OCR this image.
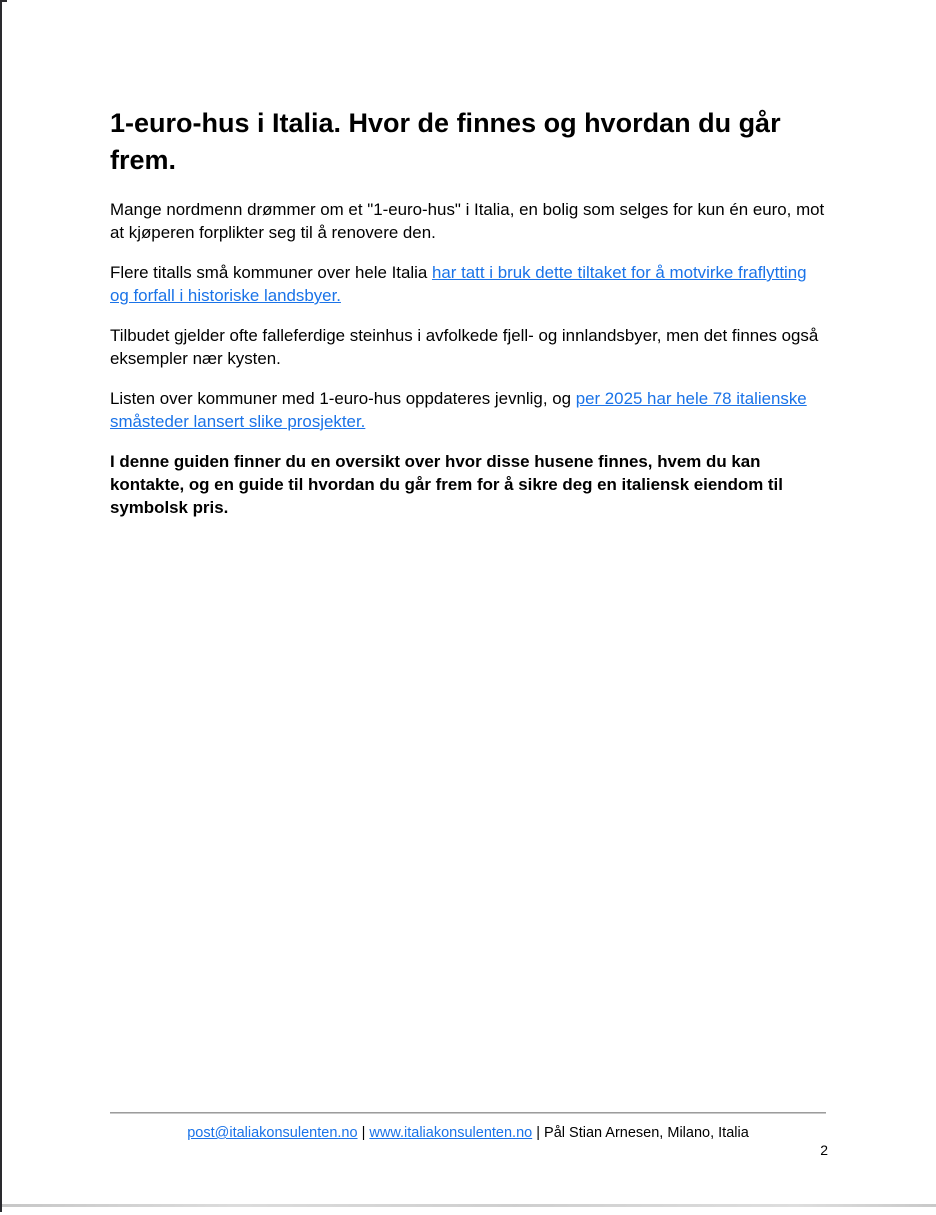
1-euro-hus i Italia. Hvor de finnes og hvordan du går frem.

Mange nordmenn drømmer om et "1-euro-hus" i Italia, en bolig som selges for kun én euro, mot at kjøperen forplikter seg til å renovere den.

Flere titalls små kommuner over hele Italia har tatt i bruk dette tiltaket for å motvirke fraflytting og forfall i historiske landsbyer.

Tilbudet gjelder ofte falleferdige steinhus i avfolkede fjell- og innlandsbyer, men det finnes også eksempler nær kysten.

Listen over kommuner med 1-euro-hus oppdateres jevnlig, og per 2025 har hele 78 italienske småsteder lansert slike prosjekter.

I denne guiden finner du en oversikt over hvor disse husene finnes, hvem du kan kontakte, og en guide til hvordan du går frem for å sikre deg en italiensk eiendom til symbolsk pris.

post@italiakonsulenten.no | www.italiakonsulenten.no | Pål Stian Arnesen, Milano, Italia
2
